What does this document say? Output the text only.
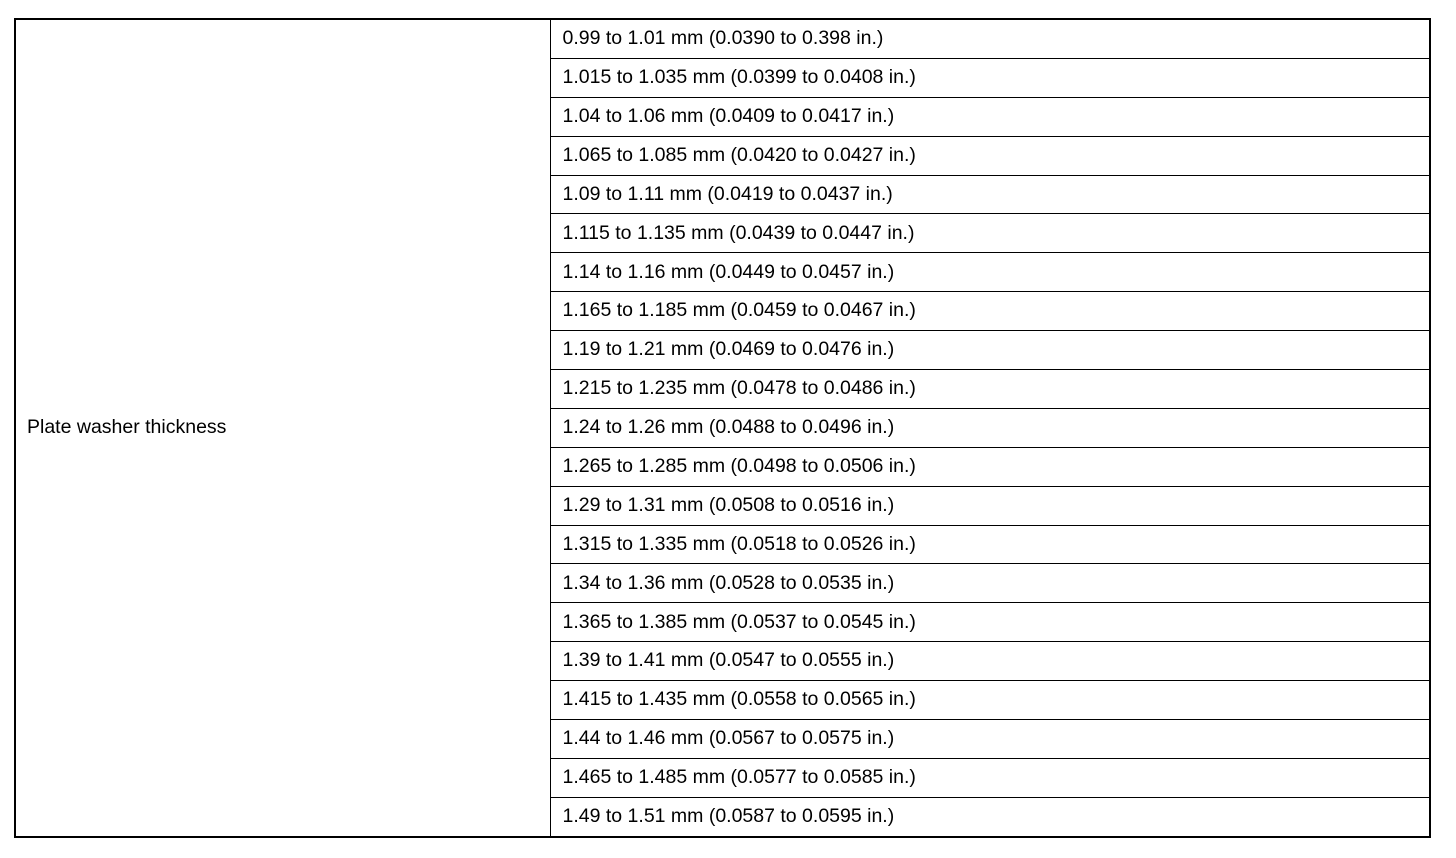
Plate washer thickness	0.99 to 1.01 mm (0.0390 to 0.398 in.)
1.015 to 1.035 mm (0.0399 to 0.0408 in.)
1.04 to 1.06 mm (0.0409 to 0.0417 in.)
1.065 to 1.085 mm (0.0420 to 0.0427 in.)
1.09 to 1.11 mm (0.0419 to 0.0437 in.)
1.115 to 1.135 mm (0.0439 to 0.0447 in.)
1.14 to 1.16 mm (0.0449 to 0.0457 in.)
1.165 to 1.185 mm (0.0459 to 0.0467 in.)
1.19 to 1.21 mm (0.0469 to 0.0476 in.)
1.215 to 1.235 mm (0.0478 to 0.0486 in.)
1.24 to 1.26 mm (0.0488 to 0.0496 in.)
1.265 to 1.285 mm (0.0498 to 0.0506 in.)
1.29 to 1.31 mm (0.0508 to 0.0516 in.)
1.315 to 1.335 mm (0.0518 to 0.0526 in.)
1.34 to 1.36 mm (0.0528 to 0.0535 in.)
1.365 to 1.385 mm (0.0537 to 0.0545 in.)
1.39 to 1.41 mm (0.0547 to 0.0555 in.)
1.415 to 1.435 mm (0.0558 to 0.0565 in.)
1.44 to 1.46 mm (0.0567 to 0.0575 in.)
1.465 to 1.485 mm (0.0577 to 0.0585 in.)
1.49 to 1.51 mm (0.0587 to 0.0595 in.)
